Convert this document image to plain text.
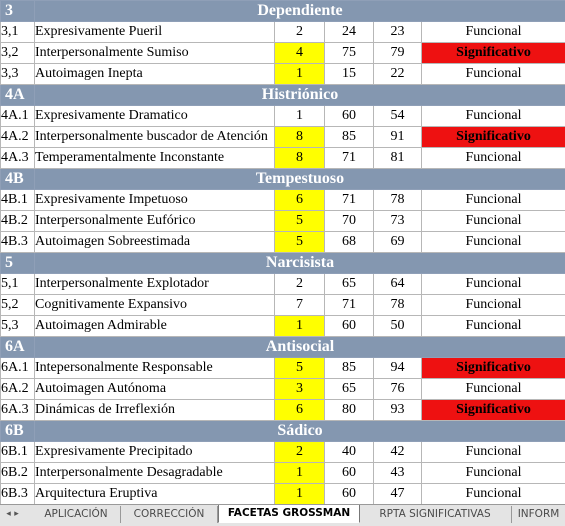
3	Dependiente				
3,1	Expresivamente Pueril	2	24	23	Funcional
3,2	Interpersonalmente Sumiso	4	75	79	Significativo
3,3	Autoimagen Inepta	1	15	22	Funcional
4A	Histriónico				
4A.1	Expresivamente Dramatico	1	60	54	Funcional
4A.2	Interpersonalmente buscador de Atención	8	85	91	Significativo
4A.3	Temperamentalmente Inconstante	8	71	81	Funcional
4B	Tempestuoso				
4B.1	Expresivamente Impetuoso	6	71	78	Funcional
4B.2	Interpersonalmente Eufórico	5	70	73	Funcional
4B.3	Autoimagen Sobreestimada	5	68	69	Funcional
5	Narcisista				
5,1	Interpersonalmente Explotador	2	65	64	Funcional
5,2	Cognitivamente Expansivo	7	71	78	Funcional
5,3	Autoimagen Admirable	1	60	50	Funcional
6A	Antisocial				
6A.1	Intepersonalmente Responsable	5	85	94	Significativo
6A.2	Autoimagen Autónoma	3	65	76	Funcional
6A.3	Dinámicas de Irreflexión	6	80	93	Significativo
6B	Sádico				
6B.1	Expresivamente Precipitado	2	40	42	Funcional
6B.2	Interpersonalmente Desagradable	1	60	43	Funcional
6B.3	Arquitectura Eruptiva	1	60	47	Funcional
◂ ▸	APLICACIÓN	CORRECCIÓN	FACETAS GROSSMAN	RPTA SIGNIFICATIVAS	INFORM
